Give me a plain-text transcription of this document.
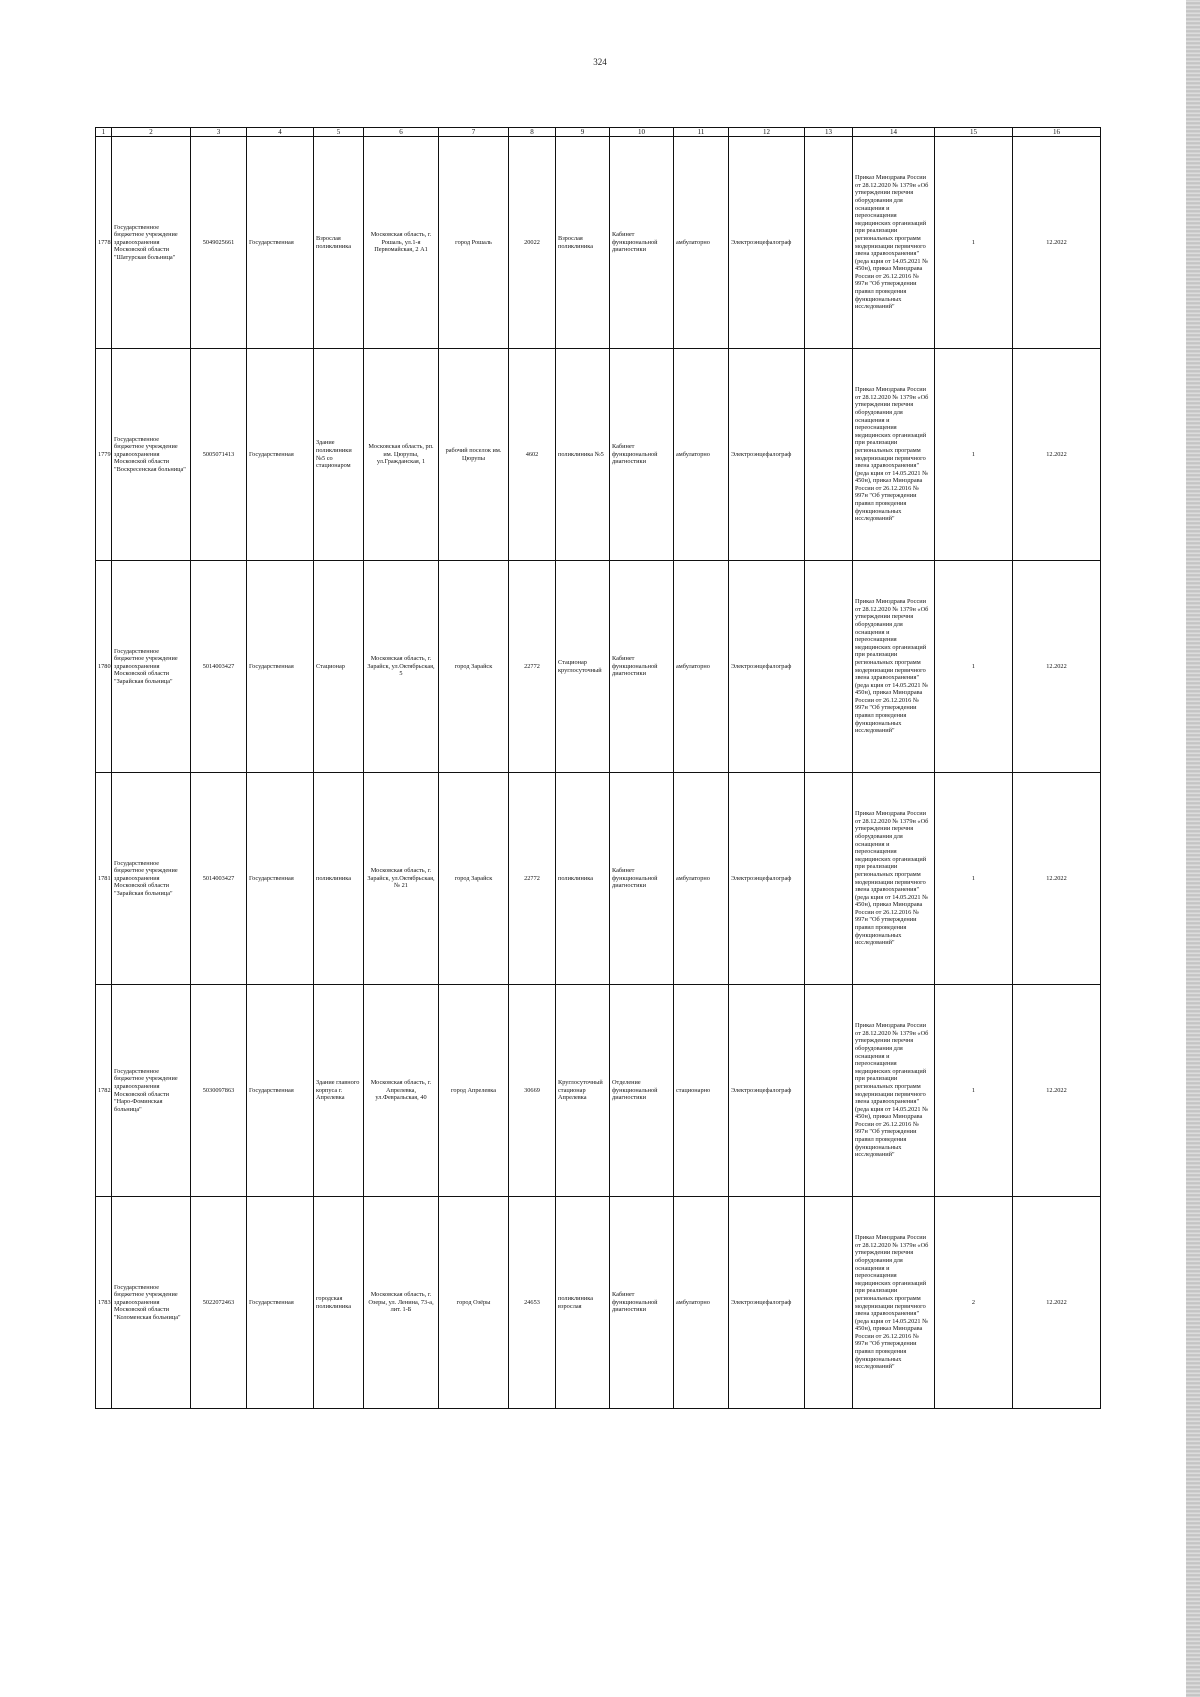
324
1	2	3	4	5	6	7	8	9	10	11	12	13	14	15	16
1778	Государственное бюджетное учреждение здравоохранения Московской области "Шатурская больница"	5049025661	Государственная	Взрослая поликлиника	Московская область, г. Рошаль, ул.1-я Первомайская, 2 А1	город Рошаль	20022	Взрослая поликлиника	Кабинет функциональной диагностики	амбулаторно	Электроэнцефалограф		Приказ Минздрава России от 28.12.2020 № 1379н «Об утверждении перечня оборудования для оснащения и переоснащения медицинских организаций при реализации региональных программ модернизации первичного звена здравоохранения"(реда кция от 14.05.2021 № 450н), приказ Минздрава России от 26.12.2016 № 997н "Об утверждении правил проведения функциональных исследований"	1	12.2022
1779	Государственное бюджетное учреждение здравоохранения Московской области "Воскресенская больница"	5005071413	Государственная	Здание поликлиники №5 со стационаром	Московская область, рп. им. Цюрупы, ул.Гражданская, 1	рабочий поселок им. Цюрупы	4602	поликлиника №5	Кабинет функциональной диагностики	амбулаторно	Электроэнцефалограф		Приказ Минздрава России от 28.12.2020 № 1379н «Об утверждении перечня оборудования для оснащения и переоснащения медицинских организаций при реализации региональных программ модернизации первичного звена здравоохранения"(реда кция от 14.05.2021 № 450н), приказ Минздрава России от 26.12.2016 № 997н "Об утверждении правил проведения функциональных исследований"	1	12.2022
1780	Государственное бюджетное учреждение здравоохранения Московской области "Зарайская больница"	5014003427	Государственная	Стационар	Московская область, г. Зарайск, ул.Октябрьская, 5	город Зарайск	22772	Стационар круглосуточный	Кабинет функциональной диагностики	амбулаторно	Электроэнцефалограф		Приказ Минздрава России от 28.12.2020 № 1379н «Об утверждении перечня оборудования для оснащения и переоснащения медицинских организаций при реализации региональных программ модернизации первичного звена здравоохранения"(реда кция от 14.05.2021 № 450н), приказ Минздрава России от 26.12.2016 № 997н "Об утверждении правил проведения функциональных исследований"	1	12.2022
1781	Государственное бюджетное учреждение здравоохранения Московской области "Зарайская больница"	5014003427	Государственная	поликлиника	Московская область, г. Зарайск, ул.Октябрьская, № 21	город Зарайск	22772	поликлиника	Кабинет функциональной диагностики	амбулаторно	Электроэнцефалограф		Приказ Минздрава России от 28.12.2020 № 1379н «Об утверждении перечня оборудования для оснащения и переоснащения медицинских организаций при реализации региональных программ модернизации первичного звена здравоохранения"(реда кция от 14.05.2021 № 450н), приказ Минздрава России от 26.12.2016 № 997н "Об утверждении правил проведения функциональных исследований"	1	12.2022
1782	Государственное бюджетное учреждение здравоохранения Московской области "Наро-Фоминская больница"	5030097863	Государственная	Здание главного корпуса г. Апрелевка	Московская область, г. Апрелевка, ул.Февральская, 40	город Апрелевка	30669	Круглосуточный стационар Апрелевка	Отделение функциональной диагностики	стационарно	Электроэнцефалограф		Приказ Минздрава России от 28.12.2020 № 1379н «Об утверждении перечня оборудования для оснащения и переоснащения медицинских организаций при реализации региональных программ модернизации первичного звена здравоохранения"(реда кция от 14.05.2021 № 450н), приказ Минздрава России от 26.12.2016 № 997н "Об утверждении правил проведения функциональных исследований"	1	12.2022
1783	Государственное бюджетное учреждение здравоохранения Московской области "Коломенская больница"	5022072463	Государственная	городская поликлиника	Московская область, г. Озеры, ул. Ленина, 73-а, лит. 1-Б	город Озёры	24653	поликлиника взрослая	Кабинет функциональной диагностики	амбулаторно	Электроэнцефалограф		Приказ Минздрава России от 28.12.2020 № 1379н «Об утверждении перечня оборудования для оснащения и переоснащения медицинских организаций при реализации региональных программ модернизации первичного звена здравоохранения"(реда кция от 14.05.2021 № 450н), приказ Минздрава России от 26.12.2016 № 997н "Об утверждении правил проведения функциональных исследований"	2	12.2022
